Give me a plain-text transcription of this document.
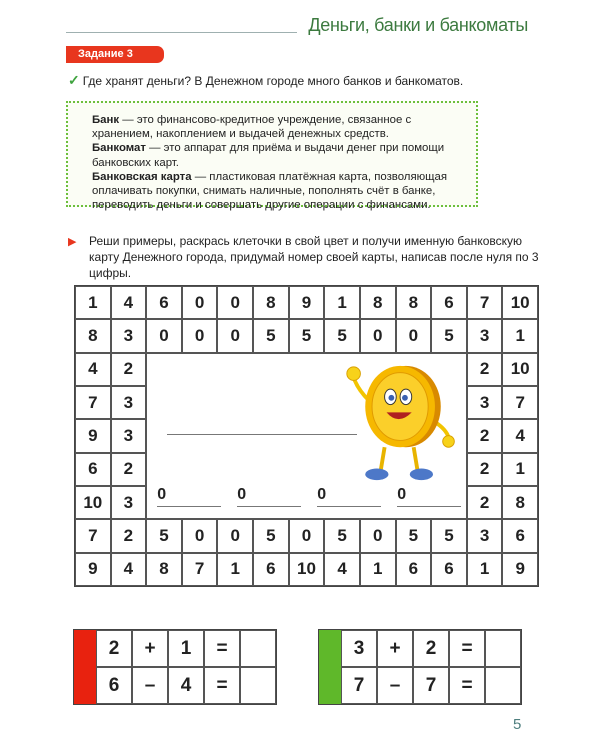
Деньги, банки и банкоматы
Задание 3
✓ Где хранят деньги? В Денежном городе много банков и банкоматов.

Банк — это финансово-кредитное учреждение, связанное с хранением, накоплением и выдачей денежных средств.

Банкомат — это аппарат для приёма и выдачи денег при помощи банковских карт.

Банковская карта — пластиковая платёжная карта, позволяющая оплачивать покупки, снимать наличные, пополнять счёт в банке, переводить деньги и совершать другие операции с финансами.

▶ Реши примеры, раскрась клеточки в свой цвет и получи именную банковскую карту Денежного города, придумай номер своей карты, написав после нуля по 3 цифры.
0	0	0	0
1	4	6	0	0	8	9	1	8	8	6	7	10
8	3	0	0	0	5	5	5	0	0	5	3	1
4	2	2	10
7	3	3	7
9	3	2	4
6	2	2	1
10	3	2	8
7	2	5	0	0	5	0	5	0	5	5	3	6
9	4	8	7	1	6	10	4	1	6	6	1	9
2	+	1	=
6	–	4	=
3	+	2	=
7	–	7	=
5
